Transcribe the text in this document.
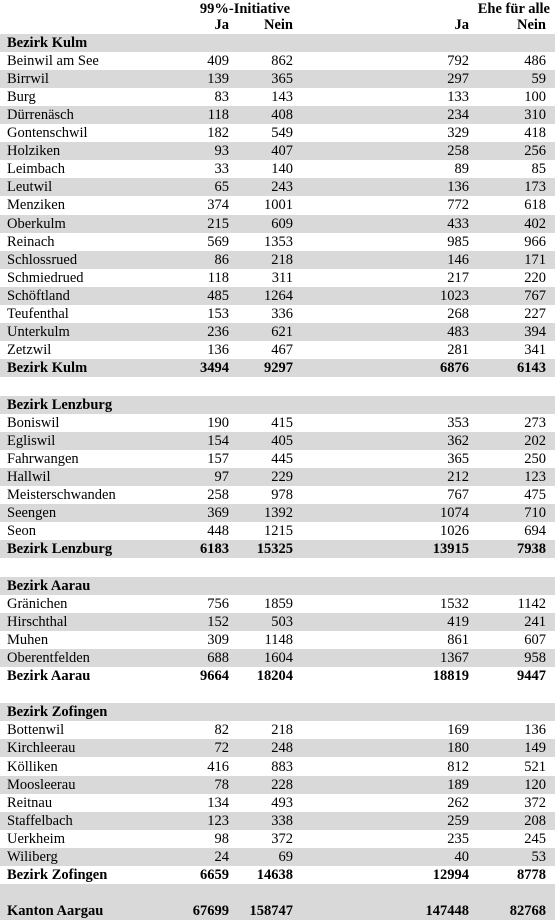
99%-Initiative	Ehe für alle
Ja Nein	Ja	Nein
Bezirk Kulm
Beinwil am See	409	862	792	486
Birrwil	139	365	297	59
Burg	83	143	133	100
Dürrenäsch	118	408	234	310
Gontenschwil	182	549	329	418
Holziken	93	407	258	256
Leimbach	33	140	89	85
Leutwil	65	243	136	173
Menziken	374 1001	772	618
Oberkulm	215	609	433	402
Reinach	569 1353	985	966
Schlossrued	86	218	146	171
Schmiedrued	118	311	217	220
Schöftland	485 1264	1023	767
Teufenthal	153	336	268	227
Unterkulm	236	621	483	394
Zetzwil	136	467	281	341
Bezirk Kulm	3494 9297	6876	6143
Bezirk Lenzburg
Boniswil	190	415	353	273
Egliswil	154	405	362	202
Fahrwangen	157	445	365	250
Hallwil	97	229	212	123
Meisterschwanden	258	978	767	475
Seengen	369 1392	1074	710
Seon	448 1215	1026	694
Bezirk Lenzburg	6183 15325	13915	7938
Bezirk Aarau
Gränichen	756 1859	1532	1142
Hirschthal	152	503	419	241
Muhen	309 1148	861	607
Oberentfelden	688 1604	1367	958
Bezirk Aarau	9664 18204	18819	9447
Bezirk Zofingen
Bottenwil	82	218	169	136
Kirchleerau	72	248	180	149
Kölliken	416	883	812	521
Moosleerau	78	228	189	120
Reitnau	134	493	262	372
Staffelbach	123	338	259	208
Uerkheim	98	372	235	245
Wiliberg	24	69	40	53
Bezirk Zofingen	6659 14638	12994	8778
Kanton Aargau	67699 158747	147448	82768
